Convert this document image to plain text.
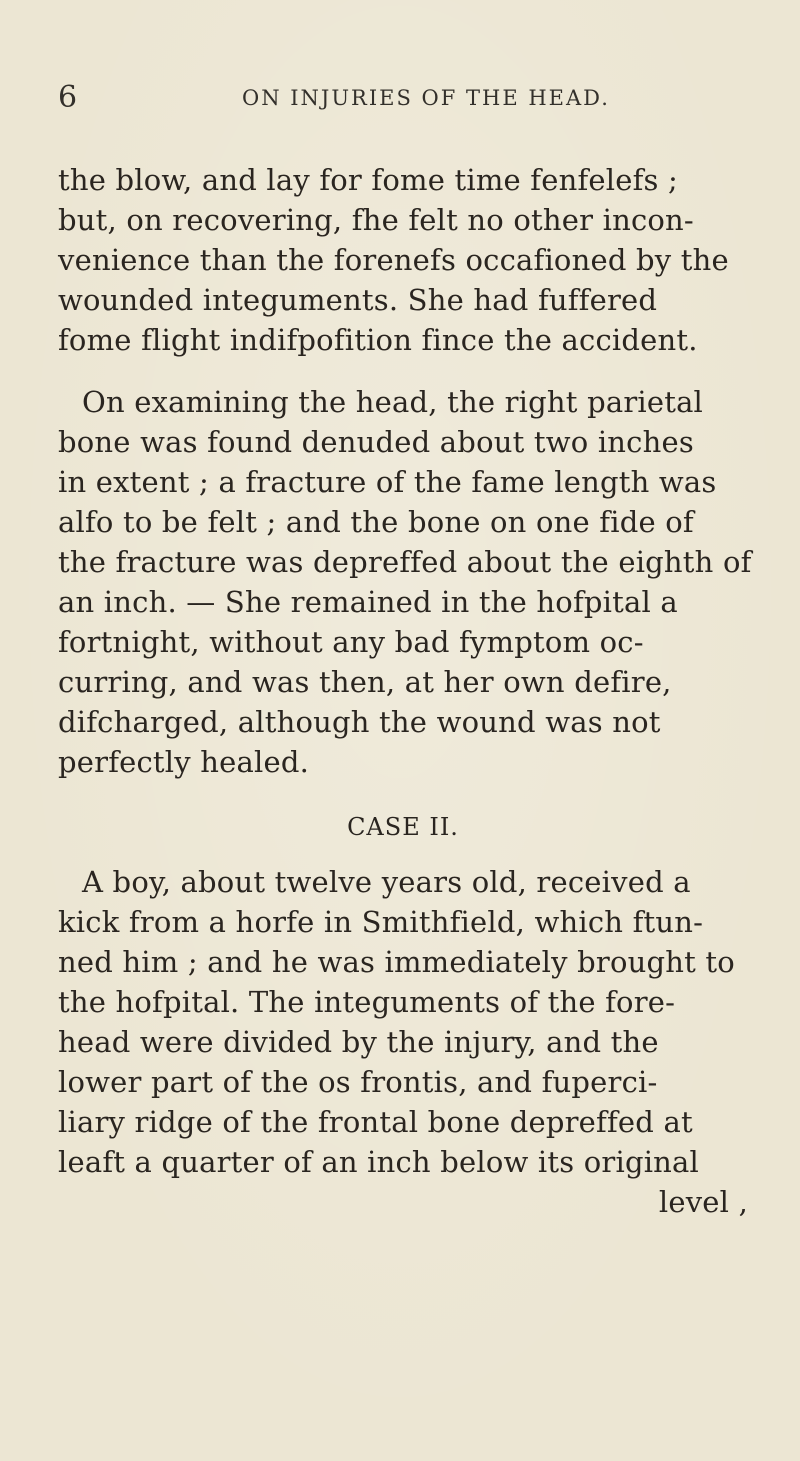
6	ON INJURIES OF THE HEAD.
the blow, and lay for fome time fenfelefs ;
but, on recovering, fhe felt no other incon-
venience than the forenefs occafioned by the
wounded integuments. She had fuffered
fome flight indifpofition fince the accident.
On examining the head, the right parietal
bone was found denuded about two inches
in extent ; a fracture of the fame length was
alfo to be felt ; and the bone on one fide of
the fracture was depreffed about the eighth of
an inch. — She remained in the hofpital a
fortnight, without any bad fymptom oc-
curring, and was then, at her own defire,
difcharged, although the wound was not
perfectly healed.
CASE II.
A boy, about twelve years old, received a
kick from a horfe in Smithfield, which ftun-
ned him ; and he was immediately brought to
the hofpital. The integuments of the fore-
head were divided by the injury, and the
lower part of the os frontis, and fuperci-
liary ridge of the frontal bone depreffed at
leaft a quarter of an inch below its original
level ,
